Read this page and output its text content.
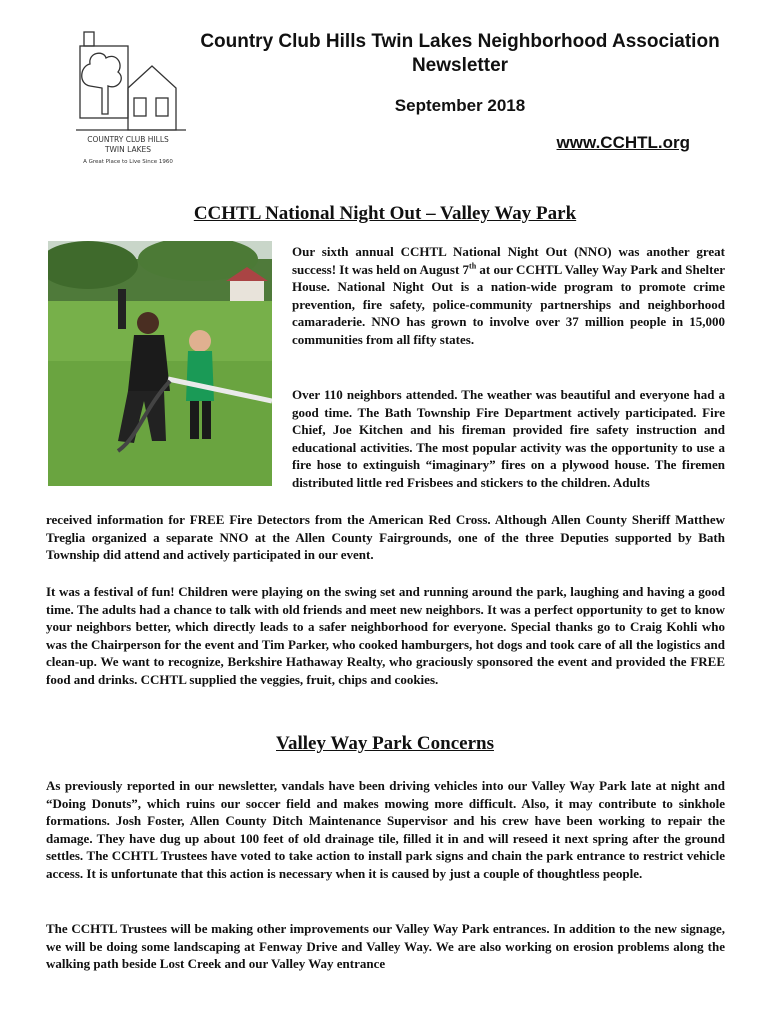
COUNTRY CLUB HILLS
TWIN LAKES
A Great Place to Live Since 1960
Country Club Hills Twin Lakes Neighborhood Association Newsletter
September 2018
www.CCHTL.org
CCHTL National Night Out – Valley Way Park

Our sixth annual CCHTL National Night Out (NNO) was another great success! It was held on August 7th at our CCHTL Valley Way Park and Shelter House. National Night Out is a nation-wide program to promote crime prevention, fire safety, police-community partnerships and neighborhood camaraderie. NNO has grown to involve over 37 million people in 15,000 communities from all fifty states.

Over 110 neighbors attended. The weather was beautiful and everyone had a good time. The Bath Township Fire Department actively participated. Fire Chief, Joe Kitchen and his fireman provided fire safety instruction and educational activities. The most popular activity was the opportunity to use a fire hose to extinguish “imaginary” fires on a plywood house. The firemen distributed little red Frisbees and stickers to the children. Adults

received information for FREE Fire Detectors from the American Red Cross. Although Allen County Sheriff Matthew Treglia organized a separate NNO at the Allen County Fairgrounds, one of the three Deputies supported by Bath Township did attend and actively participated in our event.

It was a festival of fun! Children were playing on the swing set and running around the park, laughing and having a good time. The adults had a chance to talk with old friends and meet new neighbors. It was a perfect opportunity to get to know your neighbors better, which directly leads to a safer neighborhood for everyone. Special thanks go to Craig Kohli who was the Chairperson for the event and Tim Parker, who cooked hamburgers, hot dogs and took care of all the logistics and clean-up. We want to recognize, Berkshire Hathaway Realty, who graciously sponsored the event and provided the FREE food and drinks. CCHTL supplied the veggies, fruit, chips and cookies.

Valley Way Park Concerns

As previously reported in our newsletter, vandals have been driving vehicles into our Valley Way Park late at night and “Doing Donuts”, which ruins our soccer field and makes mowing more difficult. Also, it may contribute to sinkhole formations. Josh Foster, Allen County Ditch Maintenance Supervisor and his crew have been working to repair the damage. They have dug up about 100 feet of old drainage tile, filled it in and will reseed it next spring after the ground settles. The CCHTL Trustees have voted to take action to install park signs and chain the park entrance to restrict vehicle access. It is unfortunate that this action is necessary when it is caused by just a couple of thoughtless people.

The CCHTL Trustees will be making other improvements our Valley Way Park entrances. In addition to the new signage, we will be doing some landscaping at Fenway Drive and Valley Way. We are also working on erosion problems along the walking path beside Lost Creek and our Valley Way entrance
